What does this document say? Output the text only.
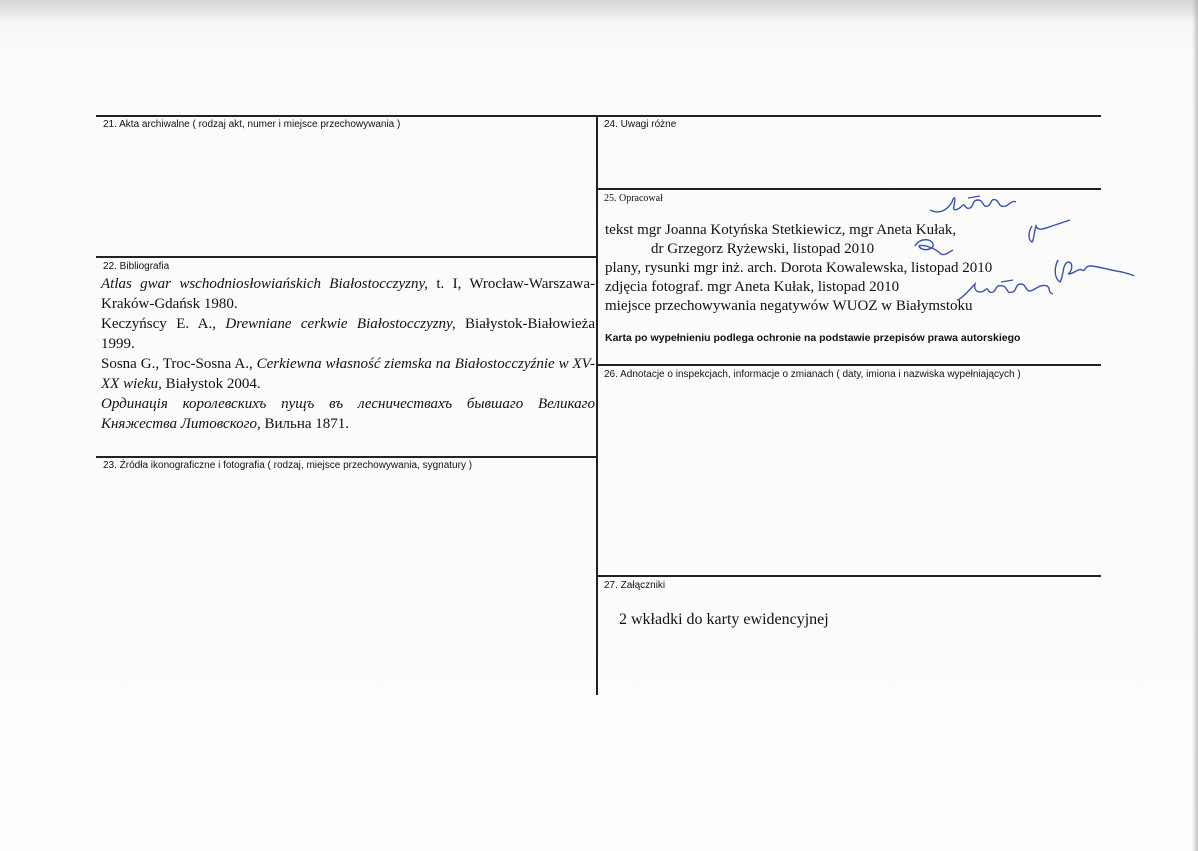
21. Akta archiwalne ( rodzaj akt, numer i miejsce przechowywania )
22. Bibliografia
23. Źródła ikonograficzne i fotografia ( rodzaj, miejsce przechowywania, sygnatury )
24. Uwagi różne
25. Opracował
26. Adnotacje o inspekcjach, informacje o zmianach ( daty, imiona i nazwiska wypełniających )
27. Załączniki
Atlas gwar wschodniosłowiańskich Białostocczyzny, t. I, Wrocław-Warszawa-Kraków-Gdańsk 1980.
Keczyńscy E. A., Drewniane cerkwie Białostocczyzny, Białystok-Białowieża 1999.
Sosna G., Troc-Sosna A., Cerkiewna własność ziemska na Białostocczyźnie w XV-XX wieku, Białystok 2004.
Ординацiя королевскихъ пущъ въ лесничествахъ бывшаго Великаго Княжества Литовского, Вильна 1871.
tekst mgr Joanna Kotyńska Stetkiewicz, mgr Aneta Kułak,
dr Grzegorz Ryżewski, listopad 2010
plany, rysunki mgr inż. arch. Dorota Kowalewska, listopad 2010
zdjęcia fotograf. mgr Aneta Kułak, listopad 2010
miejsce przechowywania negatywów WUOZ w Białymstoku
Karta po wypełnieniu podlega ochronie na podstawie przepisów prawa autorskiego
2 wkładki do karty ewidencyjnej
